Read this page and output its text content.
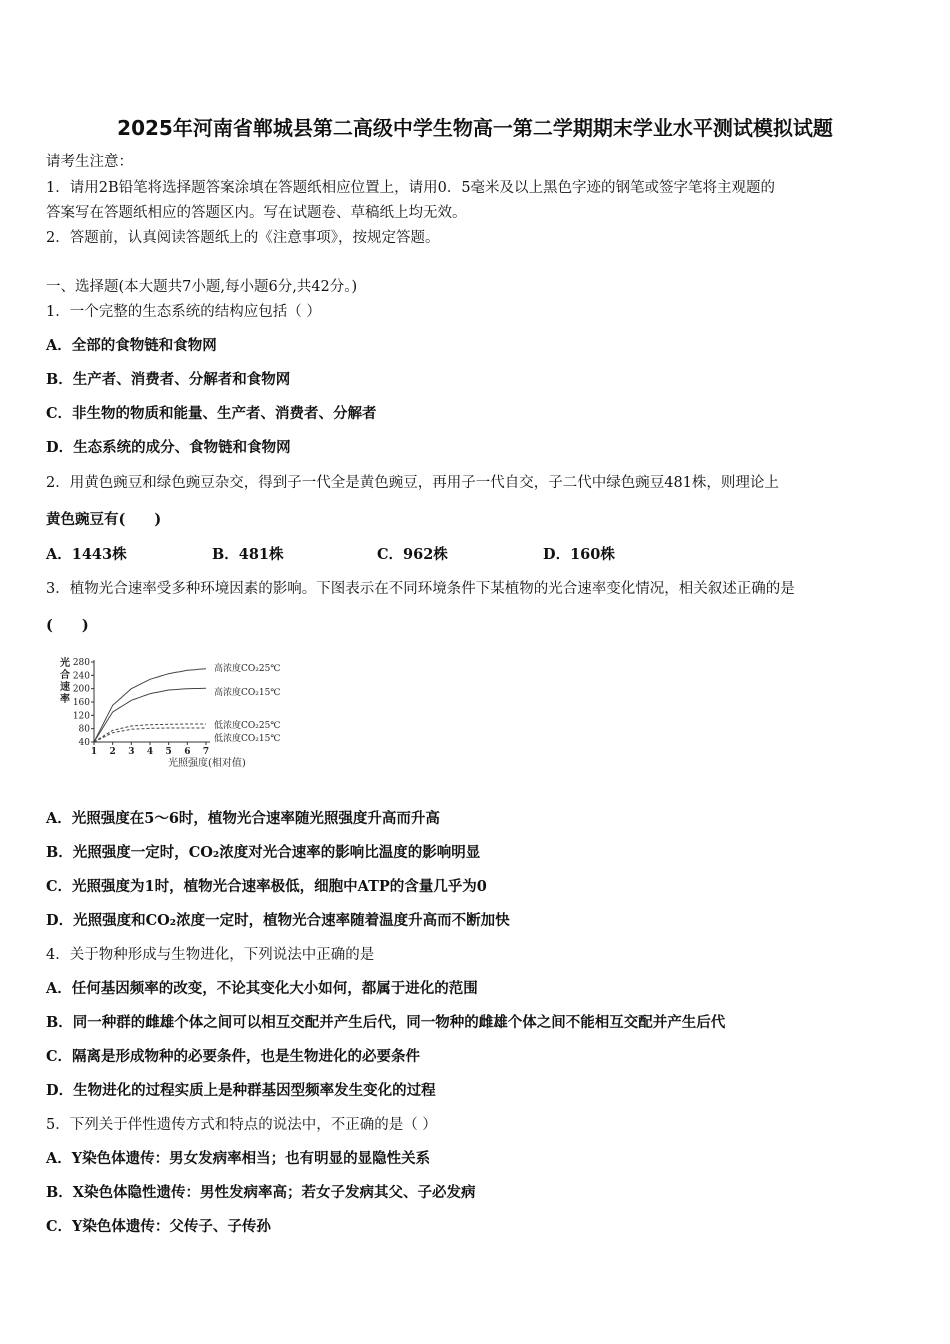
2025年河南省郸城县第二高级中学生物高一第二学期期末学业水平测试模拟试题
请考生注意：
1．请用2B铅笔将选择题答案涂填在答题纸相应位置上，请用0．5毫米及以上黑色字迹的钢笔或签字笔将主观题的
答案写在答题纸相应的答题区内。写在试题卷、草稿纸上均无效。
2．答题前，认真阅读答题纸上的《注意事项》，按规定答题。
一、选择题(本大题共7小题,每小题6分,共42分。)
1．一个完整的生态系统的结构应包括（ ）
A．全部的食物链和食物网
B．生产者、消费者、分解者和食物网
C．非生物的物质和能量、生产者、消费者、分解者
D．生态系统的成分、食物链和食物网
2．用黄色豌豆和绿色豌豆杂交，得到子一代全是黄色豌豆，再用子一代自交，子二代中绿色豌豆481株，则理论上
黄色豌豆有(　　)
A．1443株	B．481株	C．962株	D．160株
3．植物光合速率受多种环境因素的影响。下图表示在不同环境条件下某植物的光合速率变化情况，相关叙述正确的是
(　　)
光合速率
280
240
200
160
120
80
40
1 2 3 4 5 6 7
高浓度CO₂25℃
高浓度CO₂15℃
低浓度CO₂25℃
低浓度CO₂15℃
光照强度(相对值)
A．光照强度在5～6时，植物光合速率随光照强度升高而升高
B．光照强度一定时，CO₂浓度对光合速率的影响比温度的影响明显
C．光照强度为1时，植物光合速率极低，细胞中ATP的含量几乎为0
D．光照强度和CO₂浓度一定时，植物光合速率随着温度升高而不断加快
4．关于物种形成与生物进化，下列说法中正确的是
A．任何基因频率的改变，不论其变化大小如何，都属于进化的范围
B．同一种群的雌雄个体之间可以相互交配并产生后代，同一物种的雌雄个体之间不能相互交配并产生后代
C．隔离是形成物种的必要条件，也是生物进化的必要条件
D．生物进化的过程实质上是种群基因型频率发生变化的过程
5．下列关于伴性遗传方式和特点的说法中，不正确的是（ ）
A．Y染色体遗传：男女发病率相当；也有明显的显隐性关系
B．X染色体隐性遗传：男性发病率高；若女子发病其父、子必发病
C．Y染色体遗传：父传子、子传孙
